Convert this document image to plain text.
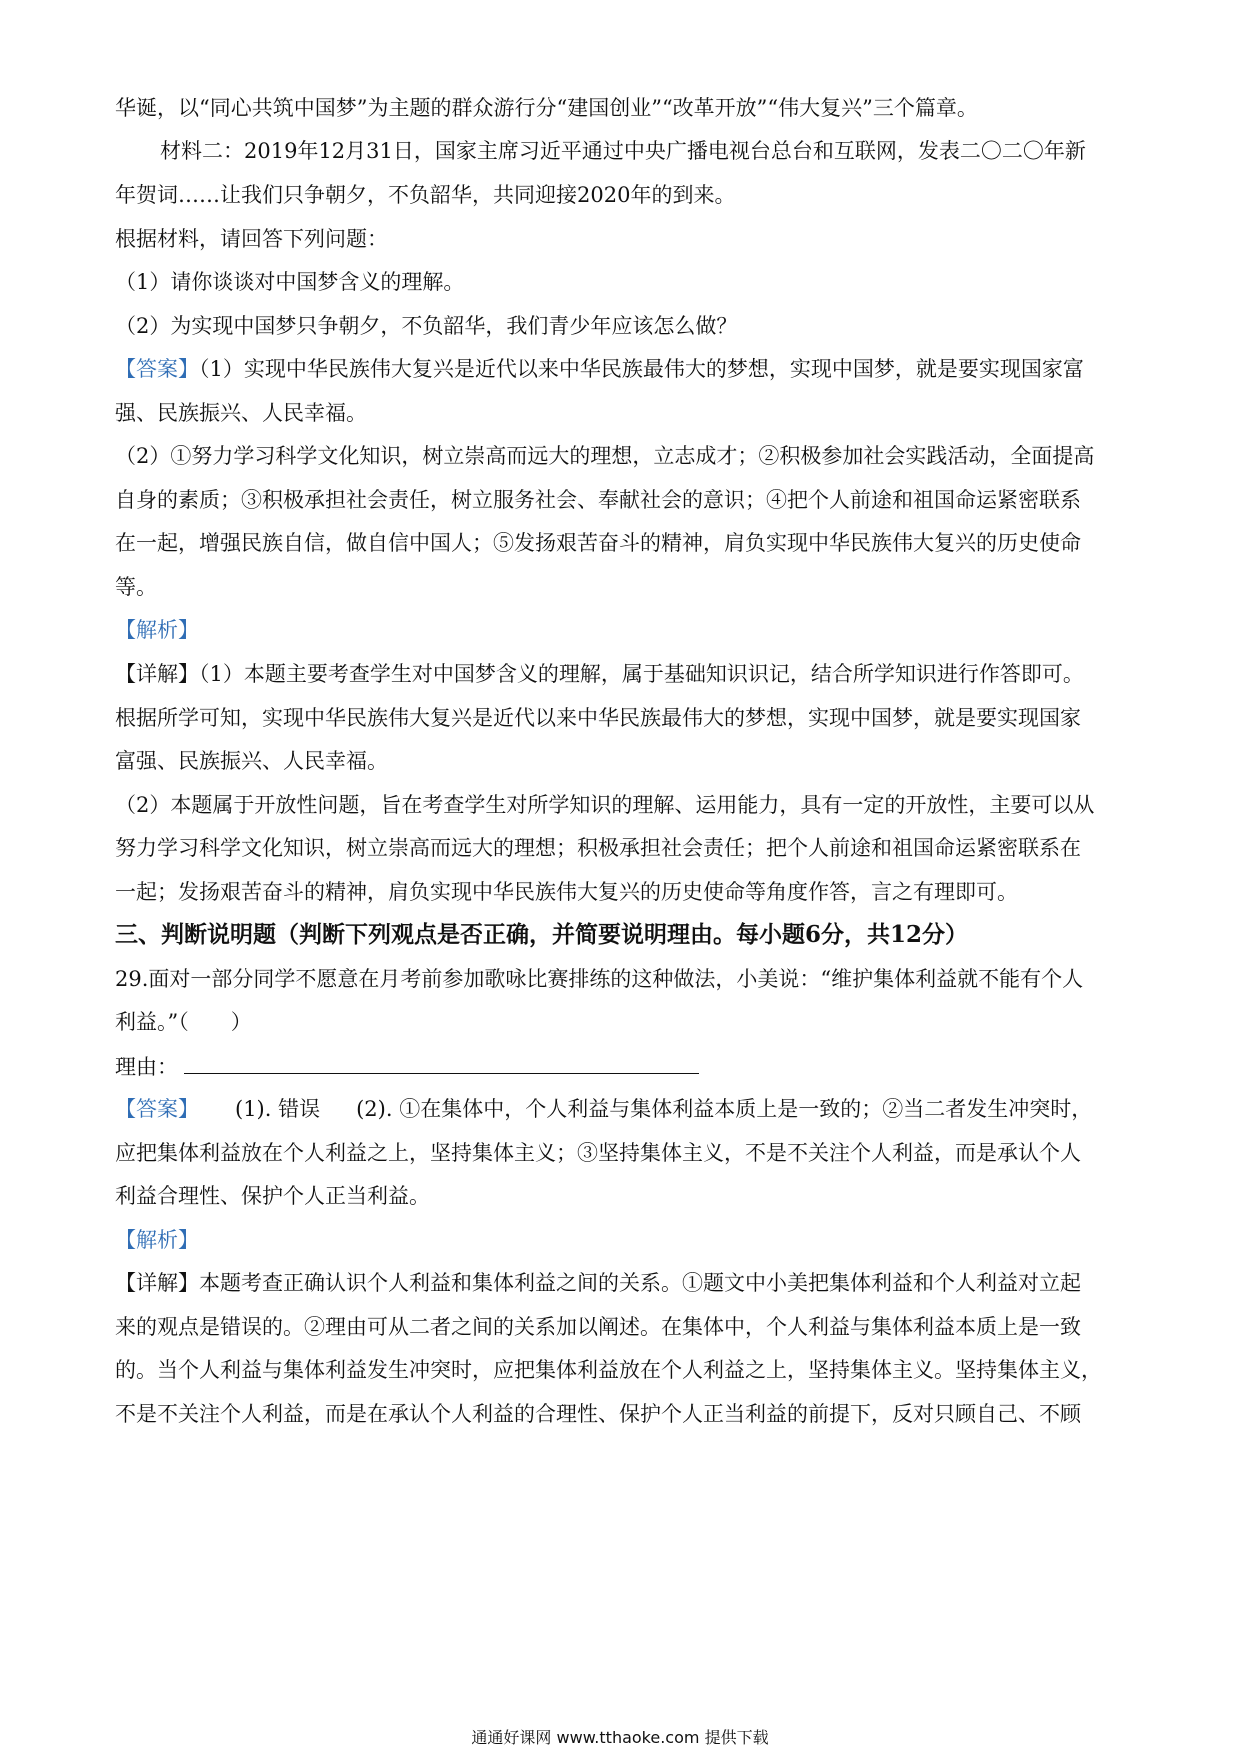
华诞，以“同心共筑中国梦”为主题的群众游行分“建国创业”“改革开放”“伟大复兴”三个篇章。
材料二：2019年12月31日，国家主席习近平通过中央广播电视台总台和互联网，发表二〇二〇年新
年贺词……让我们只争朝夕，不负韶华，共同迎接2020年的到来。
根据材料，请回答下列问题：
（1）请你谈谈对中国梦含义的理解。
（2）为实现中国梦只争朝夕，不负韶华，我们青少年应该怎么做？
【答案】（1）实现中华民族伟大复兴是近代以来中华民族最伟大的梦想，实现中国梦，就是要实现国家富
强、民族振兴、人民幸福。
（2）①努力学习科学文化知识，树立崇高而远大的理想，立志成才；②积极参加社会实践活动，全面提高
自身的素质；③积极承担社会责任，树立服务社会、奉献社会的意识；④把个人前途和祖国命运紧密联系
在一起，增强民族自信，做自信中国人；⑤发扬艰苦奋斗的精神，肩负实现中华民族伟大复兴的历史使命
等。
【解析】
【详解】（1）本题主要考查学生对中国梦含义的理解，属于基础知识识记，结合所学知识进行作答即可。
根据所学可知，实现中华民族伟大复兴是近代以来中华民族最伟大的梦想，实现中国梦，就是要实现国家
富强、民族振兴、人民幸福。
（2）本题属于开放性问题，旨在考查学生对所学知识的理解、运用能力，具有一定的开放性，主要可以从
努力学习科学文化知识，树立崇高而远大的理想；积极承担社会责任；把个人前途和祖国命运紧密联系在
一起；发扬艰苦奋斗的精神，肩负实现中华民族伟大复兴的历史使命等角度作答，言之有理即可。
三、判断说明题（判断下列观点是否正确，并简要说明理由。每小题6分，共12分）
29.面对一部分同学不愿意在月考前参加歌咏比赛排练的这种做法，小美说：“维护集体利益就不能有个人
利益。”（　　）
理由：
【答案】 (1). 错误 (2). ①在集体中，个人利益与集体利益本质上是一致的；②当二者发生冲突时，
应把集体利益放在个人利益之上，坚持集体主义；③坚持集体主义，不是不关注个人利益，而是承认个人
利益合理性、保护个人正当利益。
【解析】
【详解】本题考查正确认识个人利益和集体利益之间的关系。①题文中小美把集体利益和个人利益对立起
来的观点是错误的。②理由可从二者之间的关系加以阐述。在集体中，个人利益与集体利益本质上是一致
的。当个人利益与集体利益发生冲突时，应把集体利益放在个人利益之上，坚持集体主义。坚持集体主义，
不是不关注个人利益，而是在承认个人利益的合理性、保护个人正当利益的前提下，反对只顾自己、不顾
通通好课网 www.tthaoke.com 提供下载
